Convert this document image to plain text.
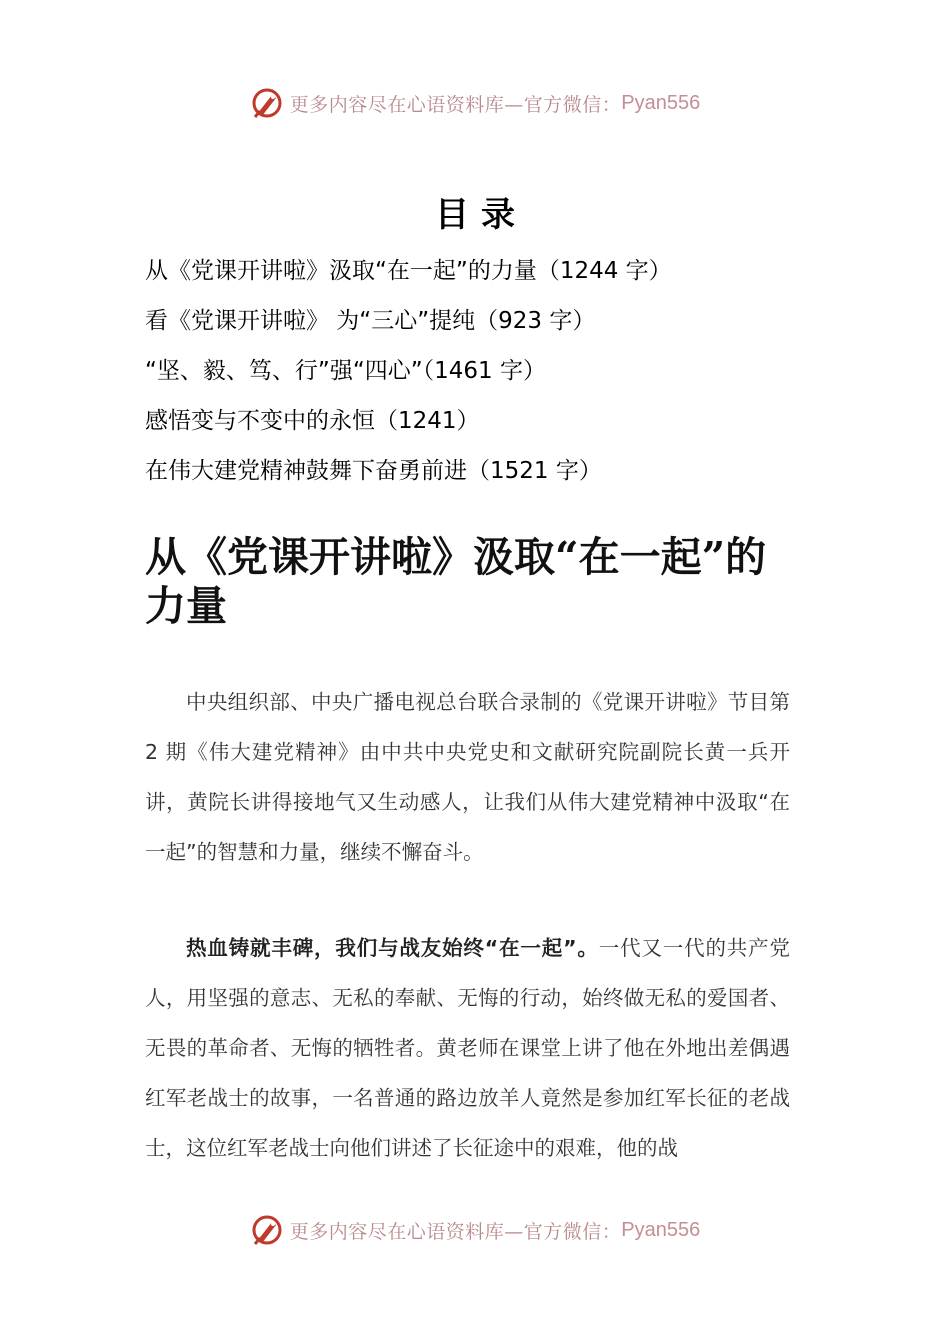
更多内容尽在心语资料库—官方微信： Pyan556
目录
从《党课开讲啦》汲取“在一起”的力量（1244 字）
看《党课开讲啦》 为“三心”提纯（923 字）
“坚、毅、笃、行”强“四心”（1461 字）
感悟变与不变中的永恒（1241）
在伟大建党精神鼓舞下奋勇前进（1521 字）
从《党课开讲啦》汲取“在一起”的力量

中央组织部、中央广播电视总台联合录制的《党课开讲啦》节目第 2 期《伟大建党精神》由中共中央党史和文献研究院副院长黄一兵开讲，黄院长讲得接地气又生动感人，让我们从伟大建党精神中汲取“在一起”的智慧和力量，继续不懈奋斗。

热血铸就丰碑，我们与战友始终“在一起”。一代又一代的共产党人，用坚强的意志、无私的奉献、无悔的行动，始终做无私的爱国者、无畏的革命者、无悔的牺牲者。黄老师在课堂上讲了他在外地出差偶遇红军老战士的故事，一名普通的路边放羊人竟然是参加红军长征的老战士，这位红军老战士向他们讲述了长征途中的艰难，他的战

更多内容尽在心语资料库—官方微信： Pyan556
